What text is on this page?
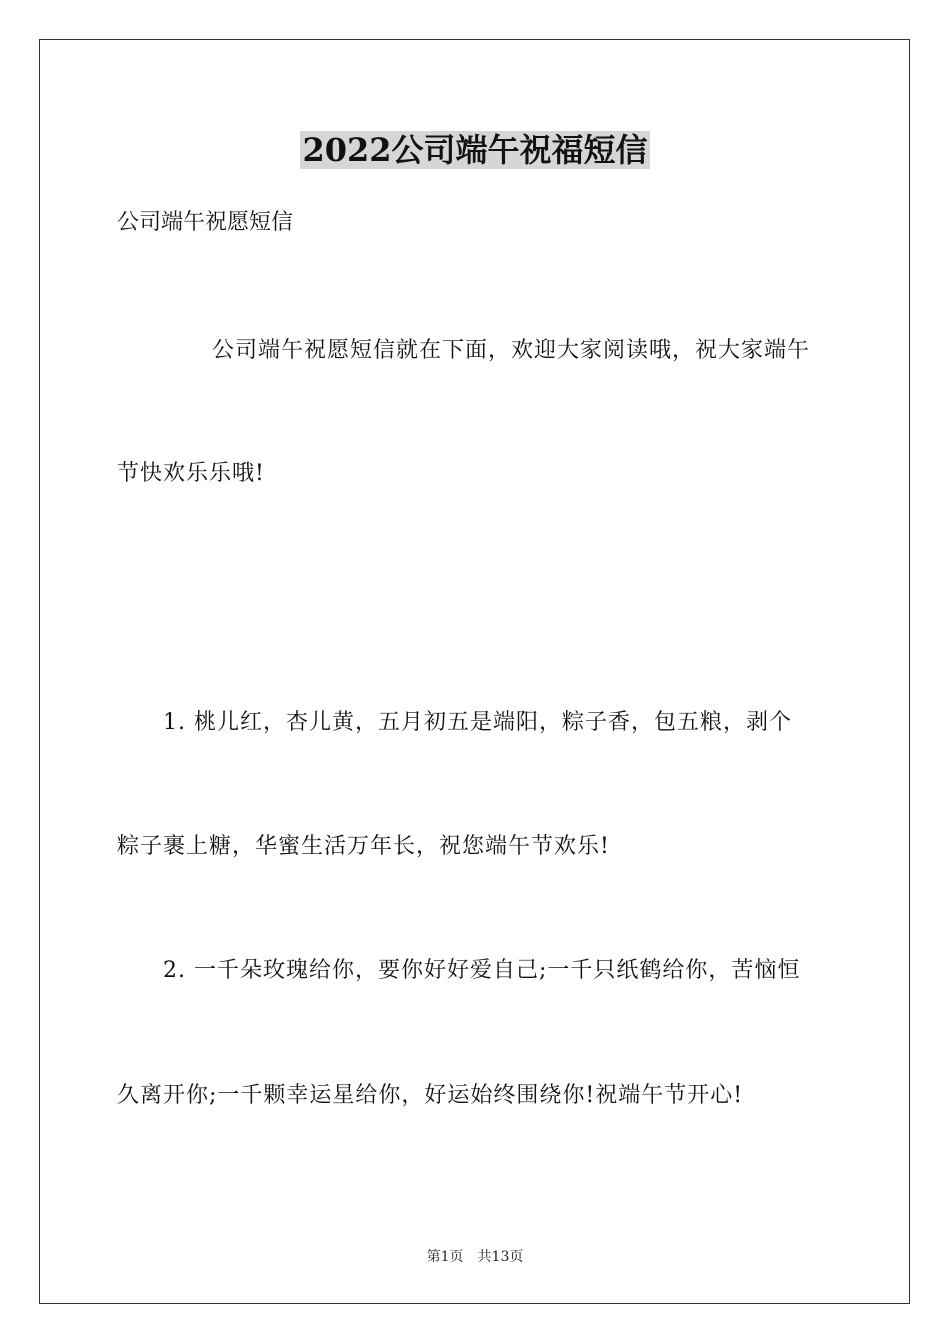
2022公司端午祝福短信
公司端午祝愿短信
公司端午祝愿短信就在下面，欢迎大家阅读哦，祝大家端午
节快欢乐乐哦!
1. 桃儿红，杏儿黄，五月初五是端阳，粽子香，包五粮，剥个
粽子裹上糖，华蜜生活万年长，祝您端午节欢乐!
2. 一千朵玫瑰给你，要你好好爱自己;一千只纸鹤给你，苦恼恒
久离开你;一千颗幸运星给你，好运始终围绕你!祝端午节开心!
第1页　共13页
